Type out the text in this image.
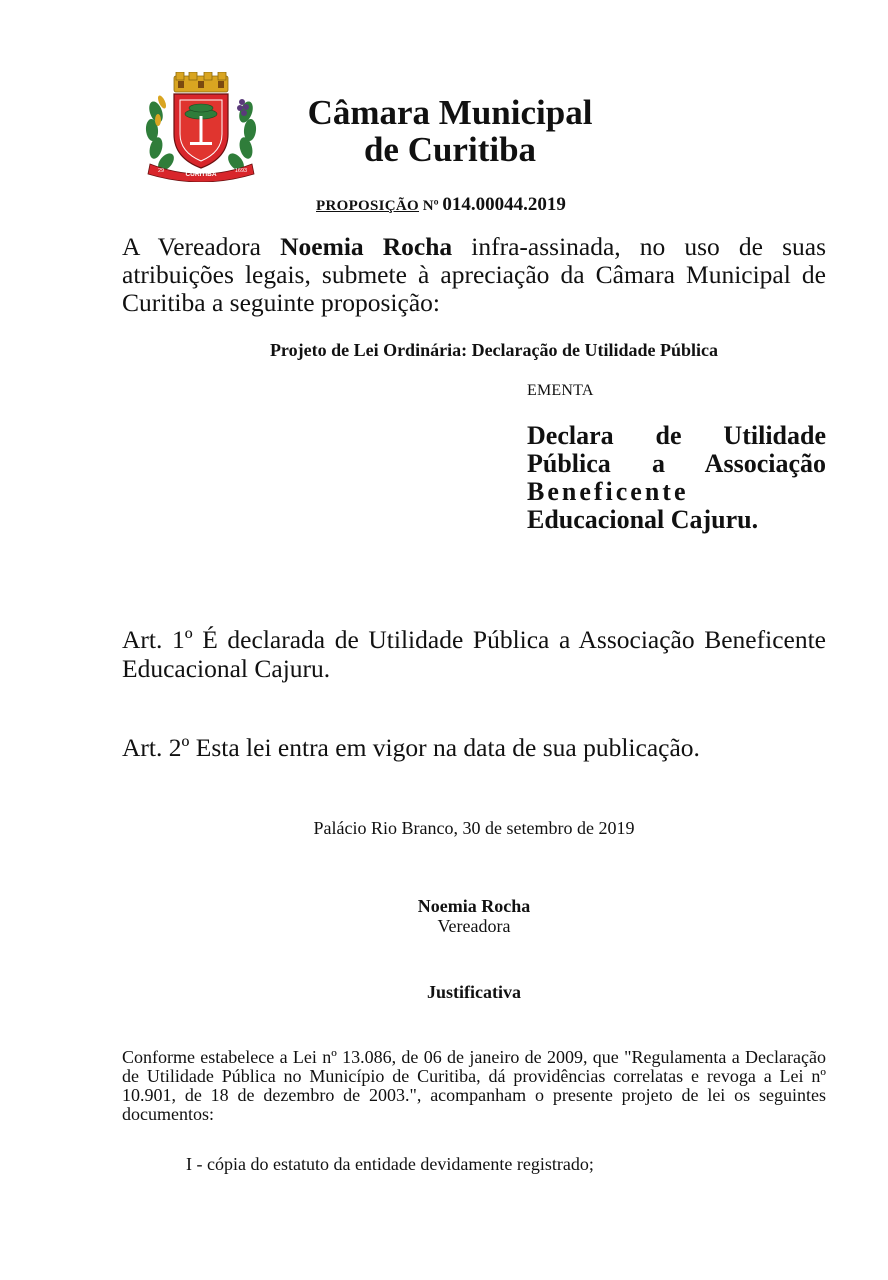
CURITIBA
29	1693
Câmara Municipal
de Curitiba
PROPOSIÇÃO Nº 014.00044.2019
A Vereadora Noemia Rocha infra-assinada, no uso de suas atribuições legais, submete à apreciação da Câmara Municipal de Curitiba a seguinte proposição:
Projeto de Lei Ordinária: Declaração de Utilidade Pública
EMENTA
Declara de Utilidade
Pública a Associação
Beneficente
Educacional Cajuru.
Art. 1º É declarada de Utilidade Pública a Associação Beneficente Educacional Cajuru.
Art. 2º Esta lei entra em vigor na data de sua publicação.
Palácio Rio Branco, 30 de setembro de 2019
Noemia Rocha
Vereadora
Justificativa
Conforme estabelece a Lei nº 13.086, de 06 de janeiro de 2009, que "Regulamenta a Declaração de Utilidade Pública no Município de Curitiba, dá providências correlatas e revoga a Lei nº 10.901, de 18 de dezembro de 2003.", acompanham o presente projeto de lei os seguintes documentos:
I - cópia do estatuto da entidade devidamente registrado;
